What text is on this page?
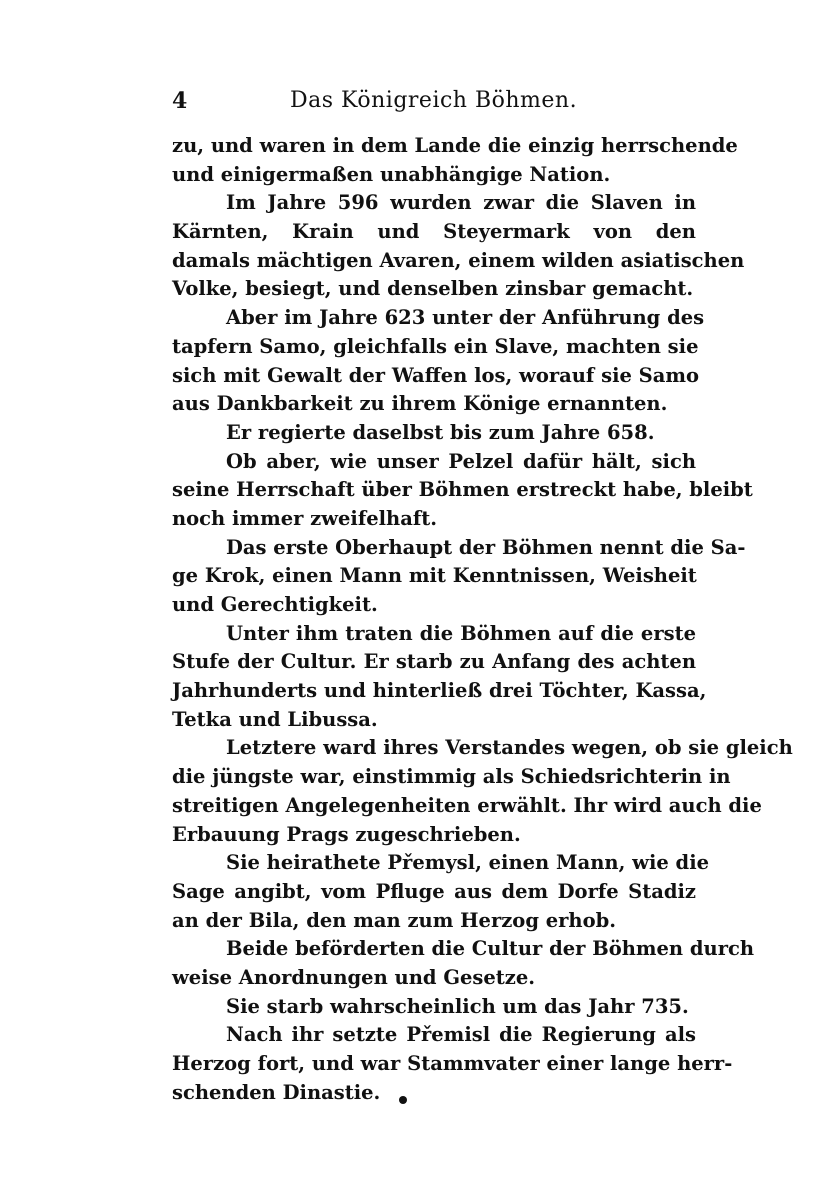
4	Das Königreich Böhmen.
zu, und waren in dem Lande die einzig herrschende
und einigermaßen unabhängige Nation.
Im Jahre 596 wurden zwar die Slaven in
Kärnten, Krain und Steyermark von den
damals mächtigen Avaren, einem wilden asiatischen
Volke, besiegt, und denselben zinsbar gemacht.
Aber im Jahre 623 unter der Anführung des
tapfern Samo, gleichfalls ein Slave, machten sie
sich mit Gewalt der Waffen los, worauf sie Samo
aus Dankbarkeit zu ihrem Könige ernannten.
Er regierte daselbst bis zum Jahre 658.
Ob aber, wie unser Pelzel dafür hält, sich
seine Herrschaft über Böhmen erstreckt habe, bleibt
noch immer zweifelhaft.
Das erste Oberhaupt der Böhmen nennt die Sa-
ge Krok, einen Mann mit Kenntnissen, Weisheit
und Gerechtigkeit.
Unter ihm traten die Böhmen auf die erste
Stufe der Cultur. Er starb zu Anfang des achten
Jahrhunderts und hinterließ drei Töchter, Kassa,
Tetka und Libussa.
Letztere ward ihres Verstandes wegen, ob sie gleich
die jüngste war, einstimmig als Schiedsrichterin in
streitigen Angelegenheiten erwählt. Ihr wird auch die
Erbauung Prags zugeschrieben.
Sie heirathete Přemysl, einen Mann, wie die
Sage angibt, vom Pfluge aus dem Dorfe Stadiz
an der Bila, den man zum Herzog erhob.
Beide beförderten die Cultur der Böhmen durch
weise Anordnungen und Gesetze.
Sie starb wahrscheinlich um das Jahr 735.
Nach ihr setzte Přemisl die Regierung als
Herzog fort, und war Stammvater einer lange herr-
schenden Dinastie.
